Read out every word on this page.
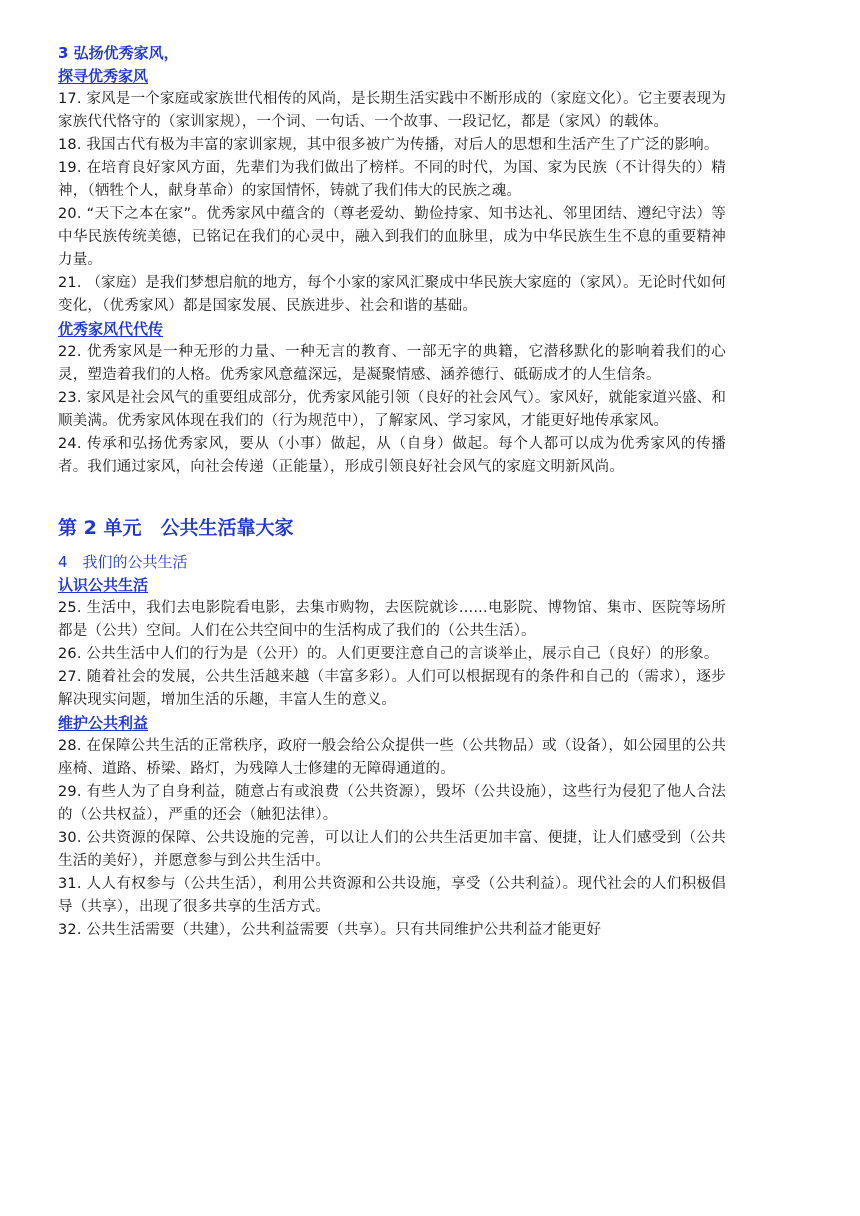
3 弘扬优秀家风，

探寻优秀家风

17. 家风是一个家庭或家族世代相传的风尚，是长期生活实践中不断形成的（家庭文化）。它主要表现为家族代代恪守的（家训家规），一个词、一句话、一个故事、一段记忆，都是（家风）的载体。

18. 我国古代有极为丰富的家训家规，其中很多被广为传播，对后人的思想和生活产生了广泛的影响。

19. 在培育良好家风方面，先辈们为我们做出了榜样。不同的时代，为国、家为民族（不计得失的）精神，（牺牲个人，献身革命）的家国情怀，铸就了我们伟大的民族之魂。

20. “天下之本在家”。优秀家风中蕴含的（尊老爱幼、勤俭持家、知书达礼、邻里团结、遵纪守法）等中华民族传统美德，已铭记在我们的心灵中，融入到我们的血脉里，成为中华民族生生不息的重要精神力量。

21. （家庭）是我们梦想启航的地方，每个小家的家风汇聚成中华民族大家庭的（家风）。无论时代如何变化，（优秀家风）都是国家发展、民族进步、社会和谐的基础。

优秀家风代代传

22. 优秀家风是一种无形的力量、一种无言的教育、一部无字的典籍，它潜移默化的影响着我们的心灵，塑造着我们的人格。优秀家风意蕴深远，是凝聚情感、涵养德行、砥砺成才的人生信条。

23. 家风是社会风气的重要组成部分，优秀家风能引领（良好的社会风气）。家风好，就能家道兴盛、和顺美满。优秀家风体现在我们的（行为规范中），了解家风、学习家风，才能更好地传承家风。

24. 传承和弘扬优秀家风，要从（小事）做起，从（自身）做起。每个人都可以成为优秀家风的传播者。我们通过家风，向社会传递（正能量），形成引领良好社会风气的家庭文明新风尚。

第 2 单元　公共生活靠大家

4　我们的公共生活

认识公共生活

25. 生活中，我们去电影院看电影，去集市购物，去医院就诊......电影院、博物馆、集市、医院等场所都是（公共）空间。人们在公共空间中的生活构成了我们的（公共生活）。

26. 公共生活中人们的行为是（公开）的。人们更要注意自己的言谈举止，展示自己（良好）的形象。

27. 随着社会的发展，公共生活越来越（丰富多彩）。人们可以根据现有的条件和自己的（需求），逐步解决现实问题，增加生活的乐趣，丰富人生的意义。

维护公共利益

28. 在保障公共生活的正常秩序，政府一般会给公众提供一些（公共物品）或（设备），如公园里的公共座椅、道路、桥梁、路灯，为残障人士修建的无障碍通道的。

29. 有些人为了自身利益，随意占有或浪费（公共资源），毁坏（公共设施），这些行为侵犯了他人合法的（公共权益），严重的还会（触犯法律）。

30. 公共资源的保障、公共设施的完善，可以让人们的公共生活更加丰富、便捷，让人们感受到（公共生活的美好），并愿意参与到公共生活中。

31. 人人有权参与（公共生活），利用公共资源和公共设施，享受（公共利益）。现代社会的人们积极倡导（共享），出现了很多共享的生活方式。

32. 公共生活需要（共建），公共利益需要（共享）。只有共同维护公共利益才能更好
